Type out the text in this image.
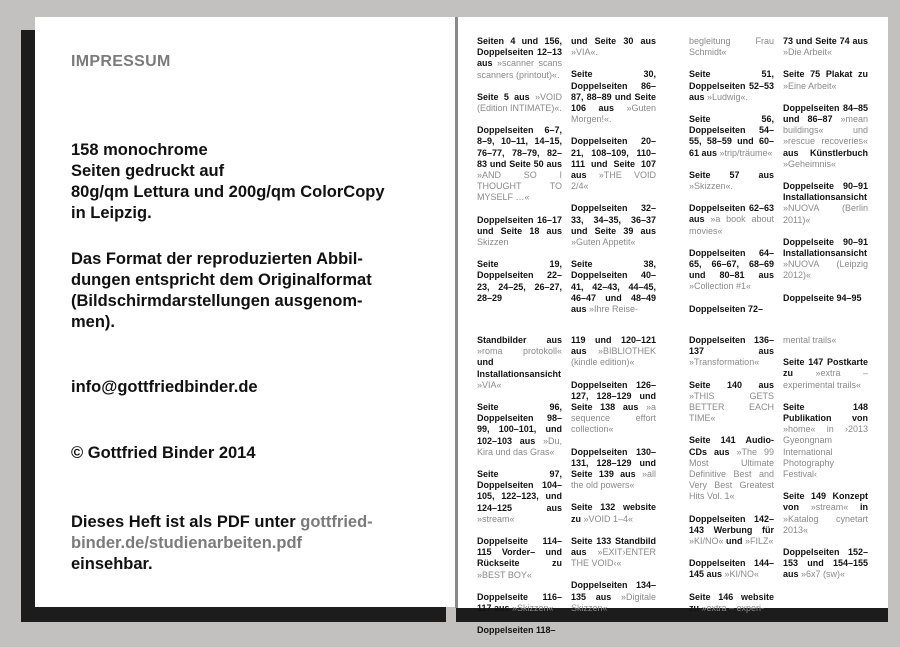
IMPRESSUM
158 monochrome
Seiten gedruckt auf
80g/qm Lettura und 200g/qm ColorCopy
in Leipzig.
Das Format der reproduzierten Abbil-
dungen entspricht dem Originalformat
(Bildschirmdarstellungen ausgenom-
men).
info@gottfriedbinder.de
© Gottfried Binder 2014
Dieses Heft ist als PDF unter gottfried-
binder.de/studienarbeiten.pdf
einsehbar.
Seiten 4 und 156, Doppelseiten 12–13 aus »scanner scans scanners (printout)«.
Seite 5 aus »VOID (Edition INTIMATE)«.
Doppelseiten 6–7, 8–9, 10–11, 14–15, 76–77, 78–79, 82–83 und Seite 50 aus »AND SO I THOUGHT TO MYSELF …«
Doppelseiten 16–17 und Seite 18 aus Skizzen
Seite 19, Doppelseiten 22–23, 24–25, 26–27, 28–29
und Seite 30 aus »VIA«.
Seite 30, Doppelseiten 86–87, 88–89 und Seite 106 aus »Guten Morgen!«.
Doppelseiten 20–21, 108–109, 110–111 und Seite 107 aus »THE VOID 2/4«
Doppelseiten 32–33, 34–35, 36–37 und Seite 39 aus »Guten Appetit«
Seite 38, Doppelseiten 40–41, 42–43, 44–45, 46–47 und 48–49 aus »Ihre Reise-
begleitung Frau Schmidt«
Seite 51, Doppelseiten 52–53 aus »Ludwig«.
Seite 56, Doppelseiten 54–55, 58–59 und 60–61 aus »trip/träume«
Seite 57 aus »Skizzen«.
Doppelseiten 62–63 aus »a book about movies«
Doppelseiten 64–65, 66–67, 68–69 und 80–81 aus »Collection #1«
Doppelseiten 72–
73 und Seite 74 aus »Die Arbeit«
Seite 75 Plakat zu »Eine Arbeit«
Doppelseiten 84–85 und 86–87 »mean buildings« und »rescue recoveries« aus Künstlerbuch »Geheimnis«
Doppelseite 90–91 Installationsansicht »NUOVA (Berlin 2011)«
Doppelseite 90–91 Installationsansicht »NUOVA (Leipzig 2012)«
Doppelseite 94–95
Standbilder aus »roma protokoll« und Installationsansicht »VIA«
Seite 96, Doppelseiten 98–99, 100–101, und 102–103 aus »Du, Kira und das Gras«
Seite 97, Doppelseiten 104–105, 122–123, und 124–125 aus »stream«
Doppelseite 114–115 Vorder– und Rückseite zu »BEST BOY«
Doppelseite 116–117 aus »Skizzen«
Doppelseiten 118–
119 und 120–121 aus »BIBLIOTHEK (kindle edition)«
Doppelseiten 126–127, 128–129 und Seite 138 aus »a sequence effort collection«
Doppelseiten 130–131, 128–129 und Seite 139 aus »all the old powers«
Seite 132 website zu »VOID 1–4«
Seite 133 Standbild aus »EXIT›ENTER THE VOID‹«
Doppelseiten 134–135 aus »Digitale Skizzen«
Doppelseiten 136–137 aus »Transformation«
Seite 140 aus »THIS GETS BETTER EACH TIME«
Seite 141 Audio-CDs aus »The 99 Most Ultimate Definitive Best and Very Best Greatest Hits Vol. 1«
Doppelseiten 142–143 Werbung für »KI/NO« und »FILZ«
Doppelseiten 144–145 aus »KI/NO«
Seite 146 website zu »extra – experi-
mental trails«
Seite 147 Postkarte zu »extra – experimental trails«
Seite 148 Publikation von »home« in ›2013 Gyeongnam International Photography Festival‹
Seite 149 Konzept von »stream« in »Katalog cynetart 2013«
Doppelseiten 152–153 und 154–155 aus »6x7 (sw)«
